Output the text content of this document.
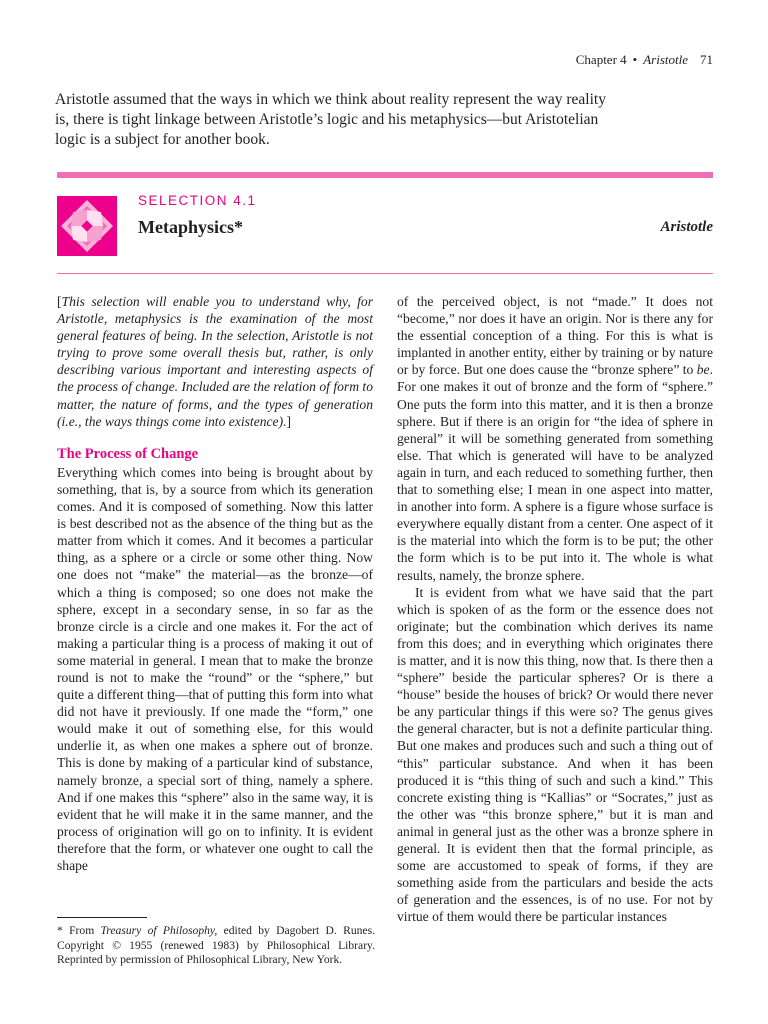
Chapter 4 • Aristotle 71

Aristotle assumed that the ways in which we think about reality represent the way reality is, there is tight linkage between Aristotle’s logic and his metaphysics—but Aristotelian logic is a subject for another book.

SELECTION 4.1
Metaphysics*	Aristotle

[This selection will enable you to understand why, for Aristotle, metaphysics is the examination of the most general features of being. In the selection, Aristotle is not trying to prove some overall thesis but, rather, is only describing various important and interesting aspects of the process of change. Included are the relation of form to matter, the nature of forms, and the types of generation (i.e., the ways things come into existence).]

The Process of Change

Everything which comes into being is brought about by something, that is, by a source from which its generation comes. And it is composed of something. Now this latter is best described not as the absence of the thing but as the matter from which it comes. And it becomes a particular thing, as a sphere or a circle or some other thing. Now one does not “make” the material—as the bronze—of which a thing is composed; so one does not make the sphere, except in a secondary sense, in so far as the bronze circle is a circle and one makes it. For the act of making a particular thing is a process of making it out of some material in general. I mean that to make the bronze round is not to make the “round” or the “sphere,” but quite a different thing—that of putting this form into what did not have it previously. If one made the “form,” one would make it out of something else, for this would underlie it, as when one makes a sphere out of bronze. This is done by making of a particular kind of substance, namely bronze, a special sort of thing, namely a sphere. And if one makes this “sphere” also in the same way, it is evident that he will make it in the same manner, and the process of origination will go on to infinity. It is evident therefore that the form, or whatever one ought to call the shape

of the perceived object, is not “made.” It does not “become,” nor does it have an origin. Nor is there any for the essential conception of a thing. For this is what is implanted in another entity, either by training or by nature or by force. But one does cause the “bronze sphere” to be. For one makes it out of bronze and the form of “sphere.” One puts the form into this matter, and it is then a bronze sphere. But if there is an origin for “the idea of sphere in general” it will be something generated from something else. That which is generated will have to be analyzed again in turn, and each reduced to something further, then that to something else; I mean in one aspect into matter, in another into form. A sphere is a figure whose surface is everywhere equally distant from a center. One aspect of it is the material into which the form is to be put; the other the form which is to be put into it. The whole is what results, namely, the bronze sphere.

It is evident from what we have said that the part which is spoken of as the form or the essence does not originate; but the combination which derives its name from this does; and in everything which originates there is matter, and it is now this thing, now that. Is there then a “sphere” beside the particular spheres? Or is there a “house” beside the houses of brick? Or would there never be any particular things if this were so? The genus gives the general character, but is not a definite particular thing. But one makes and produces such and such a thing out of “this” particular substance. And when it has been produced it is “this thing of such and such a kind.” This concrete existing thing is “Kallias” or “Socrates,” just as the other was “this bronze sphere,” but it is man and animal in general just as the other was a bronze sphere in general. It is evident then that the formal principle, as some are accustomed to speak of forms, if they are something aside from the particulars and beside the acts of generation and the essences, is of no use. For not by virtue of them would there be particular instances

* From Treasury of Philosophy, edited by Dagobert D. Runes. Copyright © 1955 (renewed 1983) by Philosophical Library. Reprinted by permission of Philosophical Library, New York.
